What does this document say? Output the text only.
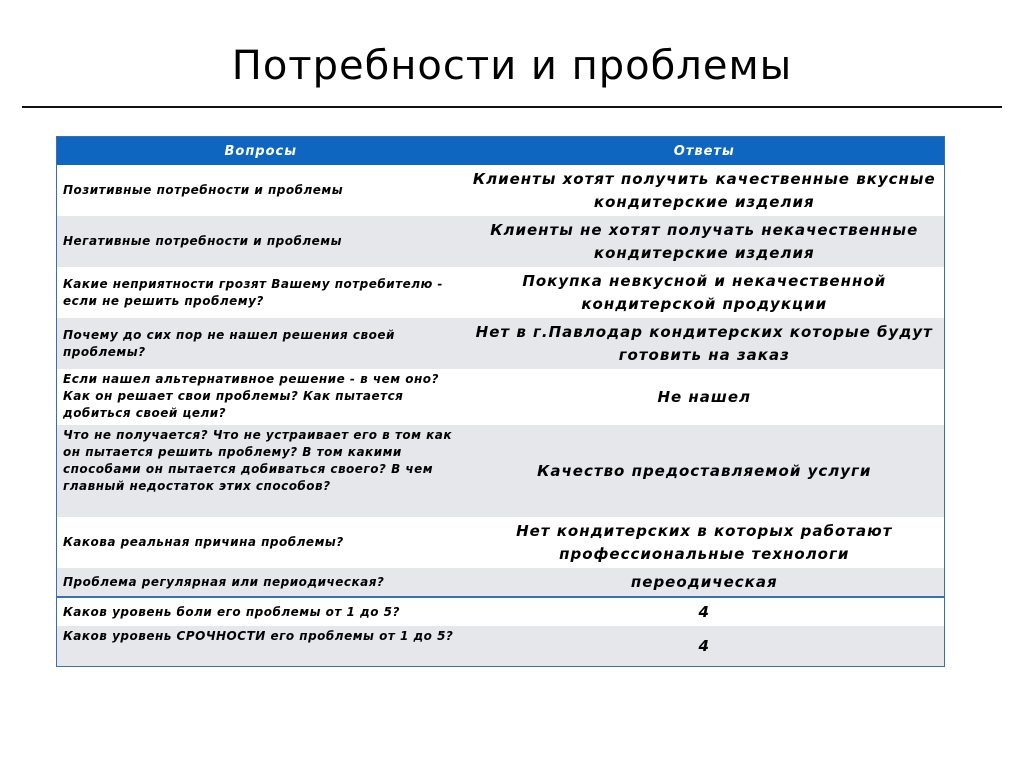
Потребности и проблемы
Вопросы	Ответы
Позитивные потребности и проблемы	Клиенты хотят получить качественные вкусные кондитерские изделия
Негативные потребности и проблемы	Клиенты не хотят получать некачественные кондитерские изделия
Какие неприятности грозят Вашему потребителю - если не решить проблему?	Покупка невкусной и некачественной кондитерской продукции
Почему до сих пор не нашел решения своей проблемы?	Нет в г.Павлодар кондитерских которые будут готовить на заказ
Если нашел альтернативное решение - в чем оно? Как он решает свои проблемы? Как пытается добиться своей цели?	Не нашел
Что не получается? Что не устраивает его в том как он пытается решить проблему? В том какими способами он пытается добиваться своего? В чем главный недостаток этих способов?	Качество предоставляемой услуги
Какова реальная причина проблемы?	Нет кондитерских в которых работают профессиональные технологи
Проблема регулярная или периодическая?	переодическая
Каков уровень боли его проблемы от 1 до 5?	4
Каков уровень СРОЧНОСТИ его проблемы от 1 до 5?	4
